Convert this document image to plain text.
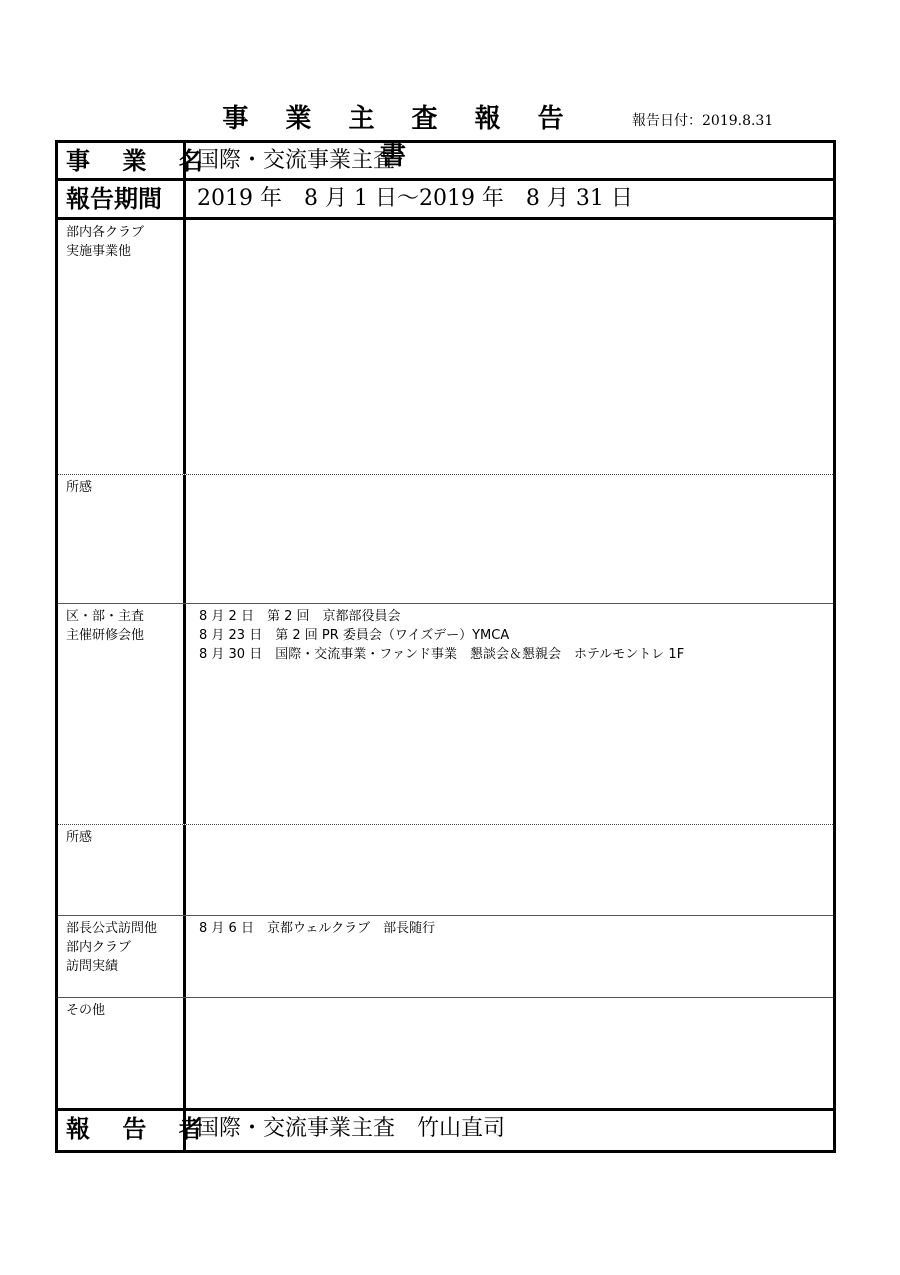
事 業 主 査 報 告 書
報告日付：2019.8.31
事 業 名
国際・交流事業主査
報告期間	2019 年　8 月 1 日〜2019 年　8 月 31 日
部内各クラブ
実施事業他
所感
区・部・主査
主催研修会他
8 月 2 日　第 2 回　京都部役員会
8 月 23 日　第 2 回 PR 委員会（ワイズデー）YMCA
8 月 30 日　国際・交流事業・ファンド事業　懇談会＆懇親会　ホテルモントレ 1F
所感
部長公式訪問他
部内クラブ
訪問実績
8 月 6 日　京都ウェルクラブ　部長随行
その他
報 告 者
国際・交流事業主査　竹山直司
